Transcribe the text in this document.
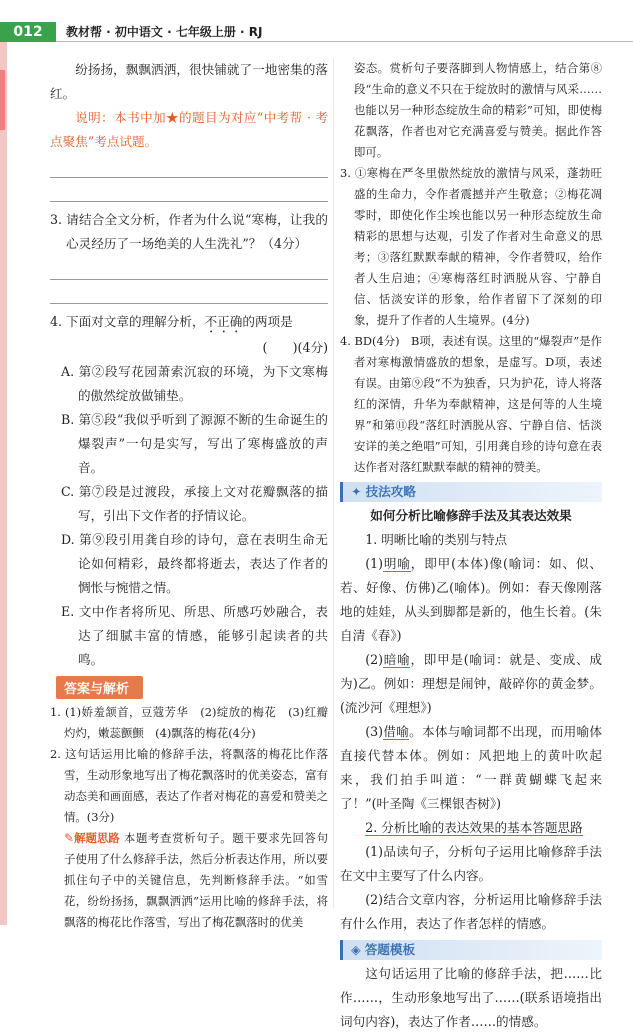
012	教材帮 · 初中语文 · 七年级上册 · RJ
纷扬扬，飘飘洒洒，很快铺就了一地密集的落红。
说明：本书中加★的题目为对应“中考帮 · 考点聚焦”考点试题。
3. 请结合全文分析，作者为什么说“寒梅，让我的心灵经历了一场绝美的人生洗礼”？（4分）
4. 下面对文章的理解分析，不正确的两项是
(　　)(4分)
A. 第②段写花园萧索沉寂的环境，为下文寒梅的傲然绽放做铺垫。
B. 第⑤段“我似乎听到了源源不断的生命诞生的爆裂声”一句是实写，写出了寒梅盛放的声音。
C. 第⑦段是过渡段，承接上文对花瓣飘落的描写，引出下文作者的抒情议论。
D. 第⑨段引用龚自珍的诗句，意在表明生命无论如何精彩，最终都将逝去，表达了作者的惆怅与惋惜之情。
E. 文中作者将所见、所思、所感巧妙融合，表达了细腻丰富的情感，能够引起读者的共鸣。
答案与解析
1. (1)娇羞颔首，豆蔻芳华　(2)绽放的梅花　(3)红瓣灼灼，嫩蕊颤颤　(4)飘落的梅花(4分)
2. 这句话运用比喻的修辞手法，将飘落的梅花比作落雪，生动形象地写出了梅花飘落时的优美姿态，富有动态美和画面感，表达了作者对梅花的喜爱和赞美之情。(3分)
✎解题思路 本题考查赏析句子。题干要求先回答句子使用了什么修辞手法，然后分析表达作用，所以要抓住句子中的关键信息，先判断修辞手法。“如雪花，纷纷扬扬，飘飘洒洒”运用比喻的修辞手法，将飘落的梅花比作落雪，写出了梅花飘落时的优美
姿态。赏析句子要落脚到人物情感上，结合第⑧段“生命的意义不只在于绽放时的激情与风采……也能以另一种形态绽放生命的精彩”可知，即使梅花飘落，作者也对它充满喜爱与赞美。据此作答即可。
3. ①寒梅在严冬里傲然绽放的激情与风采，蓬勃旺盛的生命力，令作者震撼并产生敬意；②梅花凋零时，即使化作尘埃也能以另一种形态绽放生命精彩的思想与达观，引发了作者对生命意义的思考；③落红默默奉献的精神，令作者赞叹，给作者人生启迪；④寒梅落红时洒脱从容、宁静自信、恬淡安详的形象，给作者留下了深刻的印象，提升了作者的人生境界。(4分)
4. BD(4分)　B项，表述有误。这里的“爆裂声”是作者对寒梅激情盛放的想象，是虚写。D项，表述有误。由第⑨段“不为独香，只为护花，诗人将落红的深情，升华为奉献精神，这是何等的人生境界”和第⑪段“落红时洒脱从容、宁静自信、恬淡安详的美之绝唱”可知，引用龚自珍的诗句意在表达作者对落红默默奉献的精神的赞美。
✦ 技法攻略
如何分析比喻修辞手法及其表达效果
1. 明晰比喻的类别与特点
(1)明喻，即甲(本体)像(喻词：如、似、若、好像、仿佛)乙(喻体)。例如：春天像刚落地的娃娃，从头到脚都是新的，他生长着。(朱自清《春》)
(2)暗喻，即甲是(喻词：就是、变成、成为)乙。例如：理想是闹钟，敲碎你的黄金梦。(流沙河《理想》)
(3)借喻。本体与喻词都不出现，而用喻体直接代替本体。例如：风把地上的黄叶吹起来，我们拍手叫道：“一群黄蝴蝶飞起来了！”(叶圣陶《三棵银杏树》)
2. 分析比喻的表达效果的基本答题思路
(1)品读句子，分析句子运用比喻修辞手法在文中主要写了什么内容。
(2)结合文章内容，分析运用比喻修辞手法有什么作用，表达了作者怎样的情感。
◈ 答题模板
这句话运用了比喻的修辞手法，把……比作……，生动形象地写出了……(联系语境指出词句内容)，表达了作者……的情感。
